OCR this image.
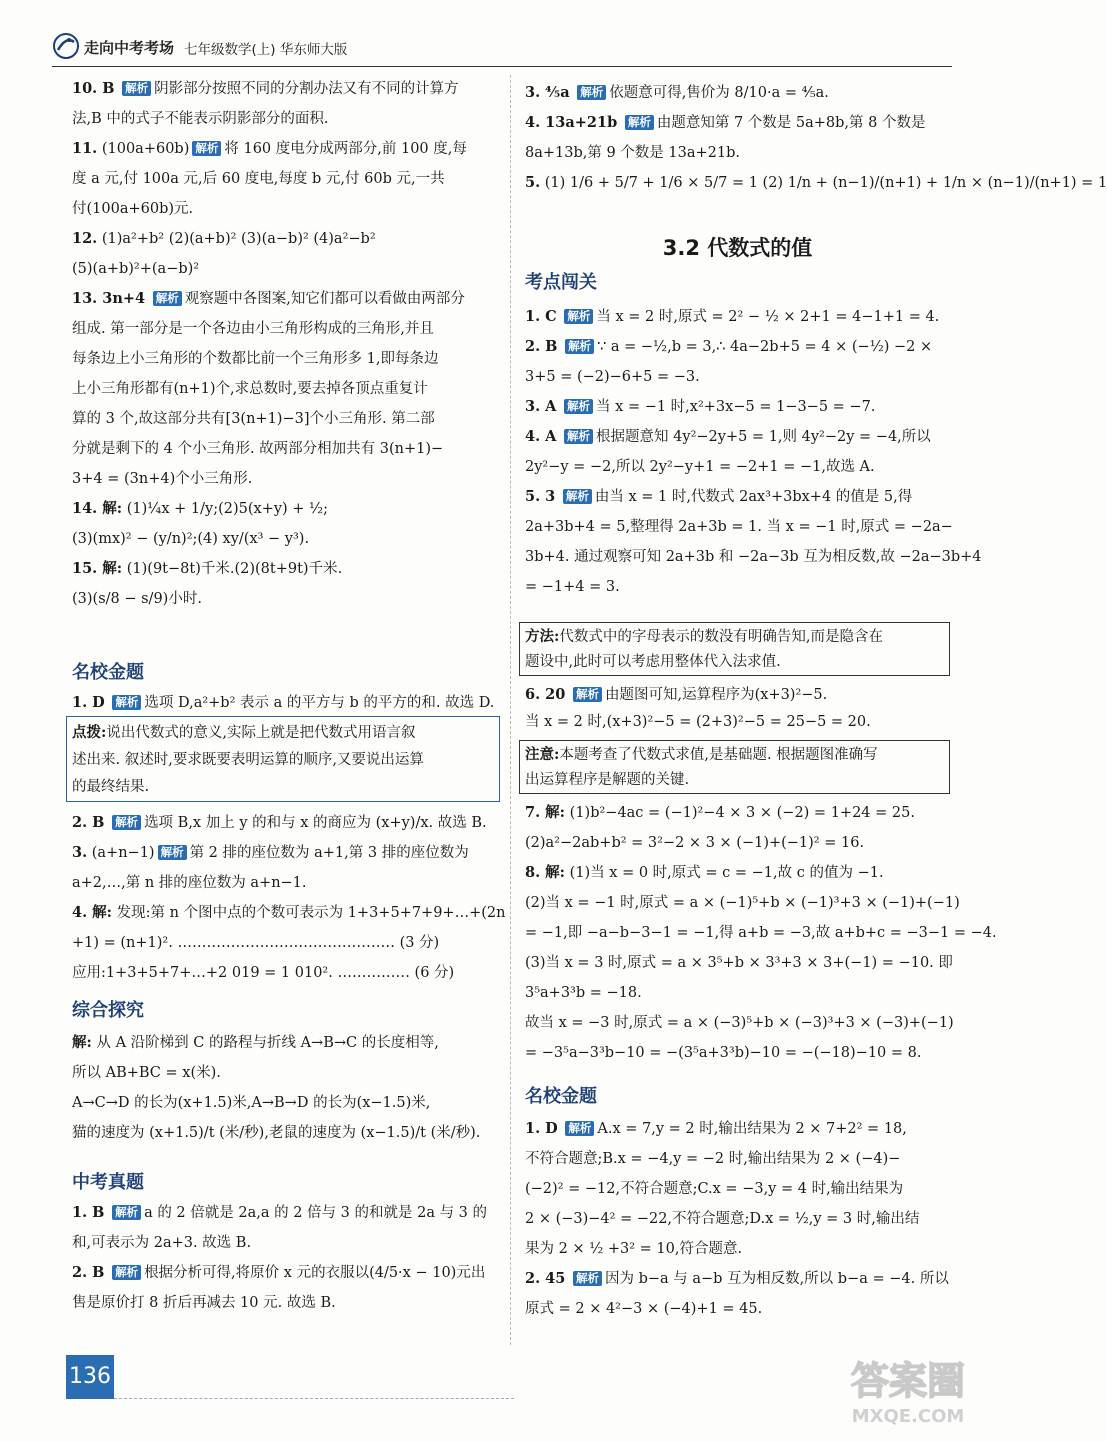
走向中考考场 七年级数学(上) 华东师大版
10. B 解析 阴影部分按照不同的分割办法又有不同的计算方
法,B 中的式子不能表示阴影部分的面积.
11. (100a+60b) 解析 将 160 度电分成两部分,前 100 度,每
度 a 元,付 100a 元,后 60 度电,每度 b 元,付 60b 元,一共
付(100a+60b)元.
12. (1)a²+b² (2)(a+b)² (3)(a−b)² (4)a²−b²
(5)(a+b)²+(a−b)²
13. 3n+4 解析 观察题中各图案,知它们都可以看做由两部分
组成. 第一部分是一个各边由小三角形构成的三角形,并且
每条边上小三角形的个数都比前一个三角形多 1,即每条边
上小三角形都有(n+1)个,求总数时,要去掉各顶点重复计
算的 3 个,故这部分共有[3(n+1)−3]个小三角形. 第二部
分就是剩下的 4 个小三角形. 故两部分相加共有 3(n+1)−
3+4 = (3n+4)个小三角形.
14. 解: (1)¼x + 1/y;(2)5(x+y) + ½;
(3)(mx)² − (y/n)²;(4) xy/(x³ − y³).
15. 解: (1)(9t−8t)千米.(2)(8t+9t)千米.
(3)(s/8 − s/9)小时.
名校金题
1. D 解析 选项 D,a²+b² 表示 a 的平方与 b 的平方的和. 故选 D.
点拨:说出代数式的意义,实际上就是把代数式用语言叙
述出来. 叙述时,要求既要表明运算的顺序,又要说出运算
的最终结果.
2. B 解析 选项 B,x 加上 y 的和与 x 的商应为 (x+y)/x. 故选 B.
3. (a+n−1) 解析 第 2 排的座位数为 a+1,第 3 排的座位数为
a+2,…,第 n 排的座位数为 a+n−1.
4. 解: 发现:第 n 个图中点的个数可表示为 1+3+5+7+9+…+(2n
+1) = (n+1)². ……………………………………… (3 分)
应用:1+3+5+7+…+2 019 = 1 010². …………… (6 分)
综合探究
解: 从 A 沿阶梯到 C 的路程与折线 A→B→C 的长度相等,
所以 AB+BC = x(米).
A→C→D 的长为(x+1.5)米,A→B→D 的长为(x−1.5)米,
猫的速度为 (x+1.5)/t (米/秒),老鼠的速度为 (x−1.5)/t (米/秒).
中考真题
1. B 解析 a 的 2 倍就是 2a,a 的 2 倍与 3 的和就是 2a 与 3 的
和,可表示为 2a+3. 故选 B.
2. B 解析 根据分析可得,将原价 x 元的衣服以(4/5·x − 10)元出
售是原价打 8 折后再减去 10 元. 故选 B.
3. ⅘a 解析 依题意可得,售价为 8/10·a = ⅘a.
4. 13a+21b 解析 由题意知第 7 个数是 5a+8b,第 8 个数是
8a+13b,第 9 个数是 13a+21b.
5. (1) 1/6 + 5/7 + 1/6 × 5/7 = 1 (2) 1/n + (n−1)/(n+1) + 1/n × (n−1)/(n+1) = 1
3.2 代数式的值
考点闯关
1. C 解析 当 x = 2 时,原式 = 2² − ½ × 2+1 = 4−1+1 = 4.
2. B 解析 ∵ a = −½,b = 3,∴ 4a−2b+5 = 4 × (−½) −2 ×
3+5 = (−2)−6+5 = −3.
3. A 解析 当 x = −1 时,x²+3x−5 = 1−3−5 = −7.
4. A 解析 根据题意知 4y²−2y+5 = 1,则 4y²−2y = −4,所以
2y²−y = −2,所以 2y²−y+1 = −2+1 = −1,故选 A.
5. 3 解析 由当 x = 1 时,代数式 2ax³+3bx+4 的值是 5,得
2a+3b+4 = 5,整理得 2a+3b = 1. 当 x = −1 时,原式 = −2a−
3b+4. 通过观察可知 2a+3b 和 −2a−3b 互为相反数,故 −2a−3b+4
= −1+4 = 3.
方法:代数式中的字母表示的数没有明确告知,而是隐含在
题设中,此时可以考虑用整体代入法求值.
6. 20 解析 由题图可知,运算程序为(x+3)²−5.
当 x = 2 时,(x+3)²−5 = (2+3)²−5 = 25−5 = 20.
注意:本题考查了代数式求值,是基础题. 根据题图准确写
出运算程序是解题的关键.
7. 解: (1)b²−4ac = (−1)²−4 × 3 × (−2) = 1+24 = 25.
(2)a²−2ab+b² = 3²−2 × 3 × (−1)+(−1)² = 16.
8. 解: (1)当 x = 0 时,原式 = c = −1,故 c 的值为 −1.
(2)当 x = −1 时,原式 = a × (−1)⁵+b × (−1)³+3 × (−1)+(−1)
= −1,即 −a−b−3−1 = −1,得 a+b = −3,故 a+b+c = −3−1 = −4.
(3)当 x = 3 时,原式 = a × 3⁵+b × 3³+3 × 3+(−1) = −10. 即
3⁵a+3³b = −18.
故当 x = −3 时,原式 = a × (−3)⁵+b × (−3)³+3 × (−3)+(−1)
= −3⁵a−3³b−10 = −(3⁵a+3³b)−10 = −(−18)−10 = 8.
名校金题
1. D 解析 A.x = 7,y = 2 时,输出结果为 2 × 7+2² = 18,
不符合题意;B.x = −4,y = −2 时,输出结果为 2 × (−4)−
(−2)² = −12,不符合题意;C.x = −3,y = 4 时,输出结果为
2 × (−3)−4² = −22,不符合题意;D.x = ½,y = 3 时,输出结
果为 2 × ½ +3² = 10,符合题意.
2. 45 解析 因为 b−a 与 a−b 互为相反数,所以 b−a = −4. 所以
原式 = 2 × 4²−3 × (−4)+1 = 45.
136	答案圈
MXQE.COM
